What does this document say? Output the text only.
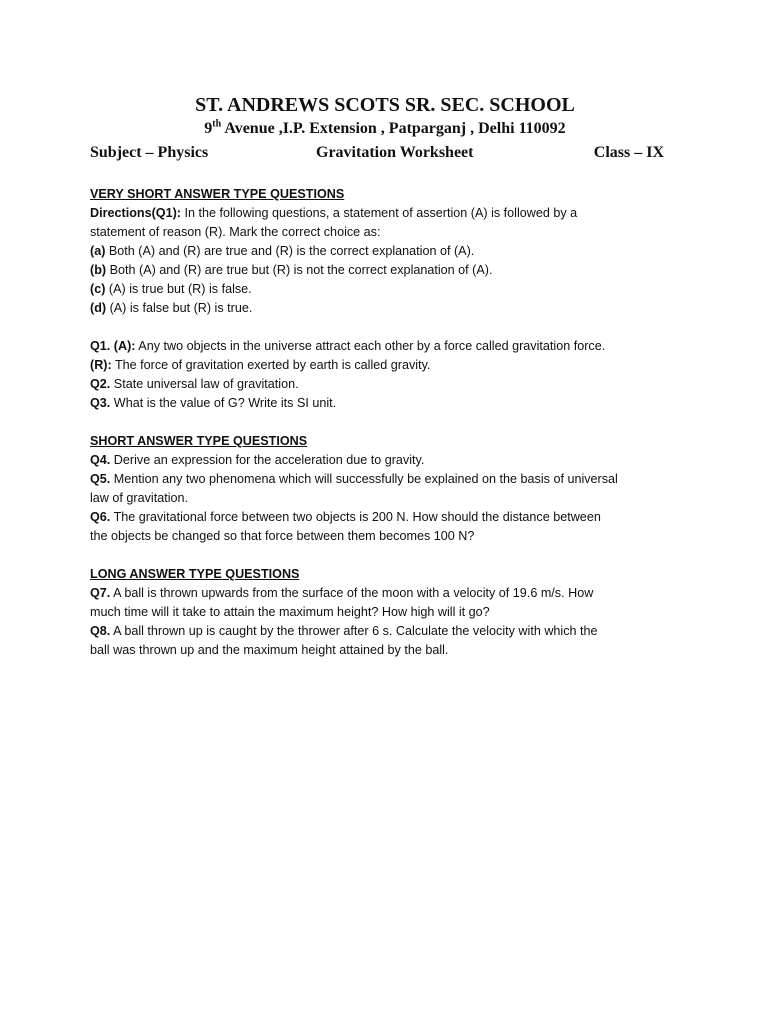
ST. ANDREWS SCOTS SR. SEC. SCHOOL
9th Avenue ,I.P. Extension , Patparganj , Delhi 110092
Subject – Physics	Gravitation Worksheet	Class – IX
VERY SHORT ANSWER TYPE QUESTIONS
Directions(Q1): In the following questions, a statement of assertion (A) is followed by a
statement of reason (R). Mark the correct choice as:
(a) Both (A) and (R) are true and (R) is the correct explanation of (A).
(b) Both (A) and (R) are true but (R) is not the correct explanation of (A).
(c) (A) is true but (R) is false.
(d) (A) is false but (R) is true.
Q1. (A): Any two objects in the universe attract each other by a force called gravitation force.
(R): The force of gravitation exerted by earth is called gravity.
Q2. State universal law of gravitation.
Q3. What is the value of G? Write its SI unit.
SHORT ANSWER TYPE QUESTIONS
Q4. Derive an expression for the acceleration due to gravity.
Q5. Mention any two phenomena which will successfully be explained on the basis of universal
law of gravitation.
Q6. The gravitational force between two objects is 200 N. How should the distance between
the objects be changed so that force between them becomes 100 N?
LONG ANSWER TYPE QUESTIONS
Q7. A ball is thrown upwards from the surface of the moon with a velocity of 19.6 m/s. How
much time will it take to attain the maximum height? How high will it go?
Q8. A ball thrown up is caught by the thrower after 6 s. Calculate the velocity with which the
ball was thrown up and the maximum height attained by the ball.
